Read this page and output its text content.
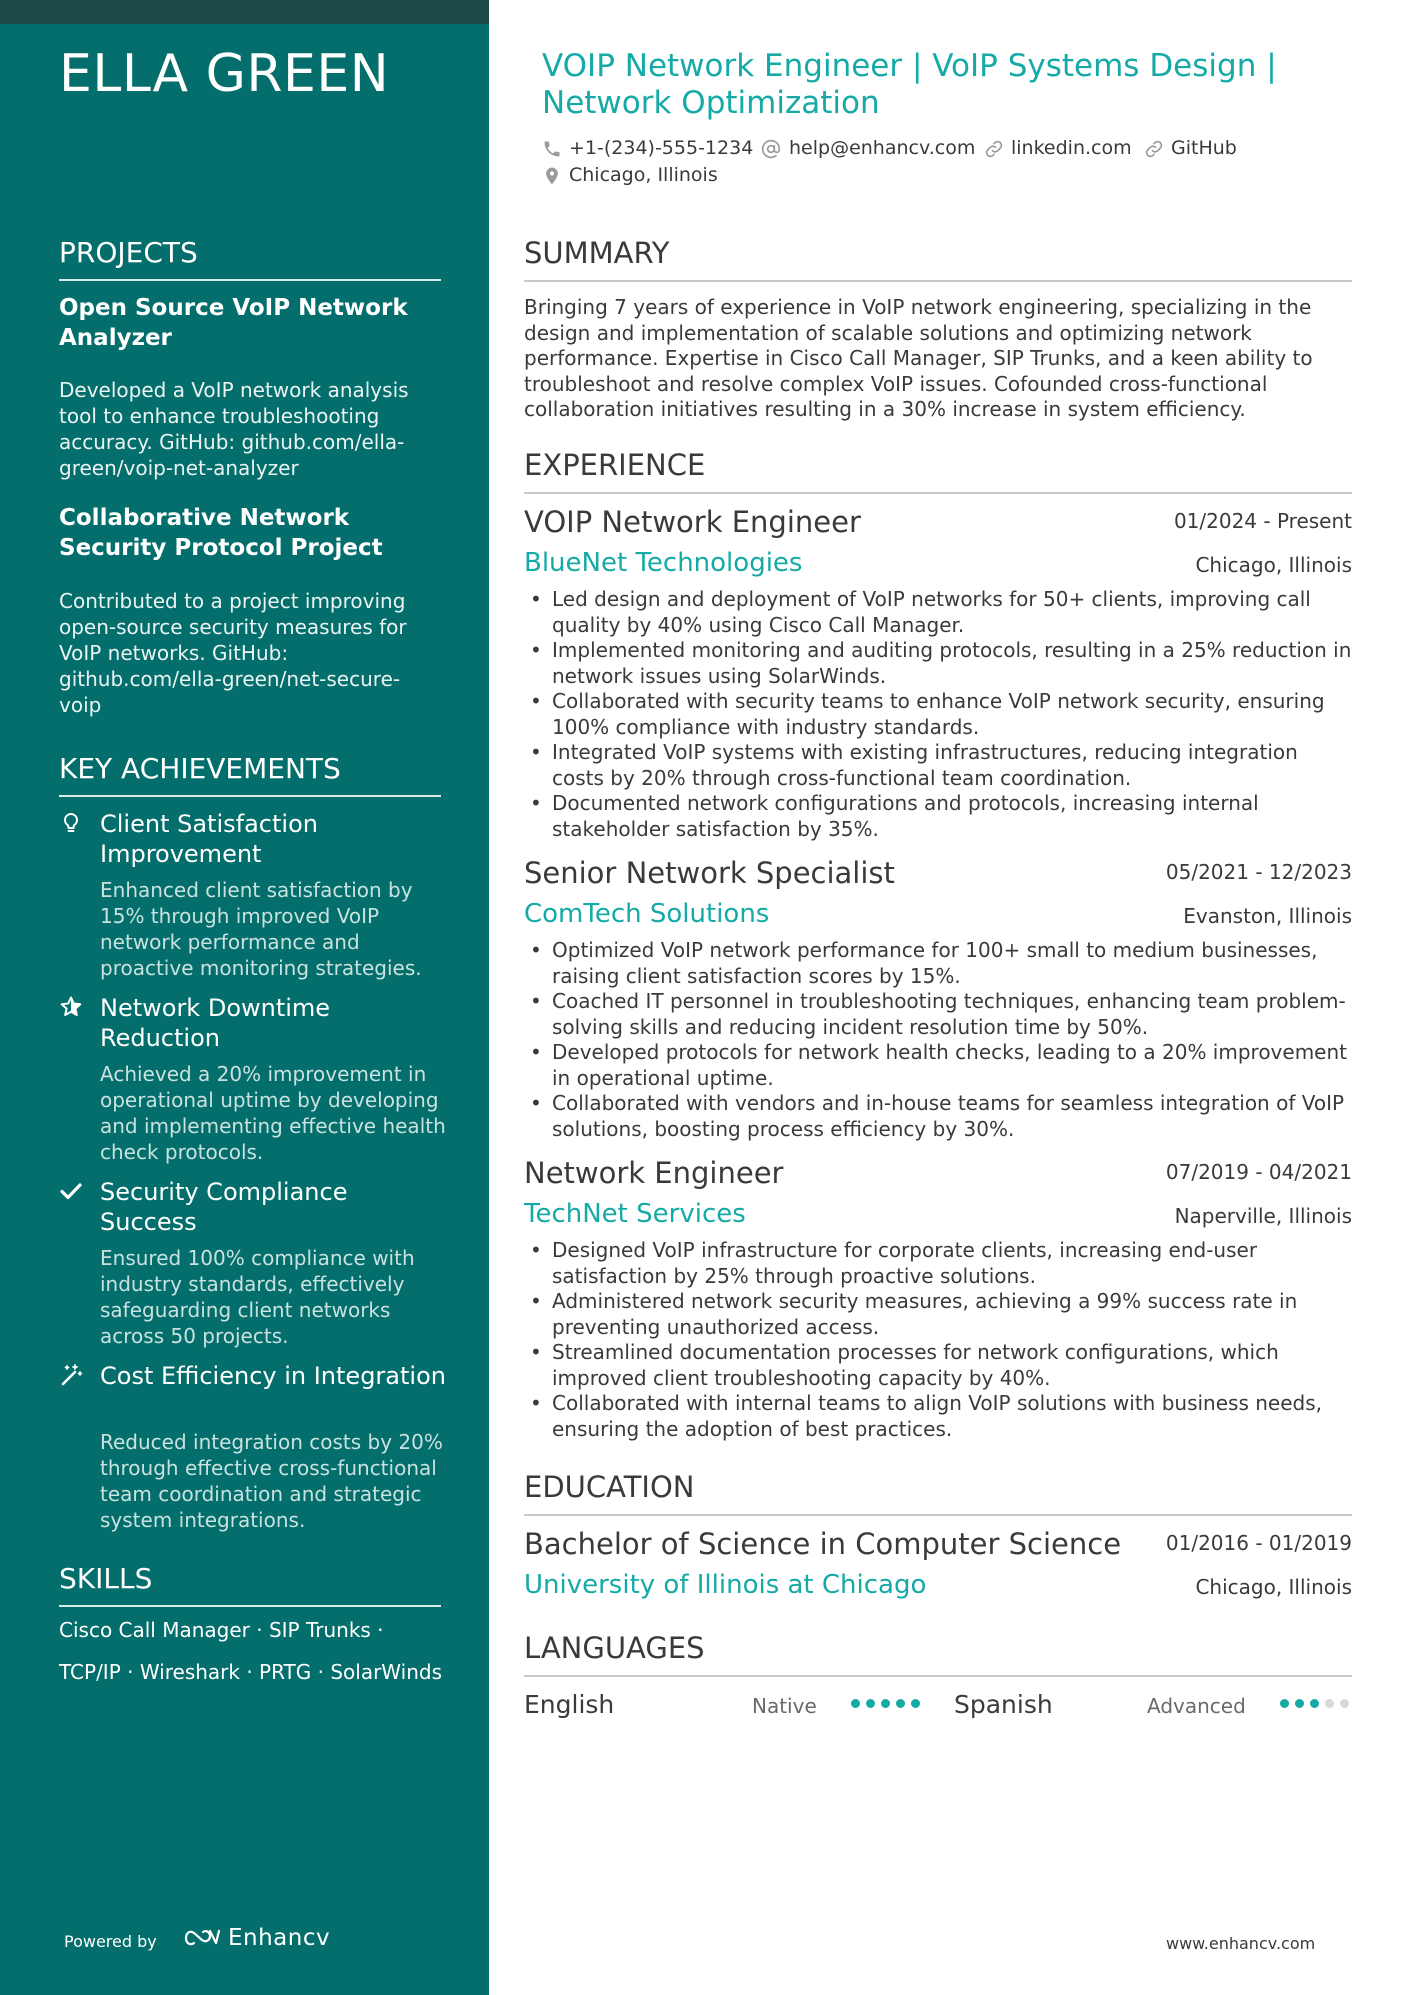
ELLA GREEN
PROJECTS
Open Source VoIP Network Analyzer
Developed a VoIP network analysis tool to enhance troubleshooting accuracy. GitHub: github.com/ella-green/voip-net-analyzer
Collaborative Network Security Protocol Project
Contributed to a project improving open-source security measures for VoIP networks. GitHub: github.com/ella-green/net-secure-voip
KEY ACHIEVEMENTS
Client Satisfaction Improvement
Enhanced client satisfaction by 15% through improved VoIP network performance and proactive monitoring strategies.
Network Downtime Reduction
Achieved a 20% improvement in operational uptime by developing and implementing effective health check protocols.
Security Compliance Success
Ensured 100% compliance with industry standards, effectively safeguarding client networks across 50 projects.
Cost Efficiency in Integration
Reduced integration costs by 20% through effective cross-functional team coordination and strategic system integrations.
SKILLS
Cisco Call Manager · SIP Trunks ·
TCP/IP · Wireshark · PRTG · SolarWinds
Powered by	Enhancv
VOIP Network Engineer | VoIP Systems Design | Network Optimization
+1-(234)-555-1234 help@enhancv.com linkedin.com GitHub
Chicago, Illinois
SUMMARY
Bringing 7 years of experience in VoIP network engineering, specializing in the design and implementation of scalable solutions and optimizing network performance. Expertise in Cisco Call Manager, SIP Trunks, and a keen ability to troubleshoot and resolve complex VoIP issues. Cofounded cross-functional collaboration initiatives resulting in a 30% increase in system efficiency.
EXPERIENCE
VOIP Network Engineer	01/2024 - Present
BlueNet Technologies	Chicago, Illinois
• Led design and deployment of VoIP networks for 50+ clients, improving call quality by 40% using Cisco Call Manager.
• Implemented monitoring and auditing protocols, resulting in a 25% reduction in network issues using SolarWinds.
• Collaborated with security teams to enhance VoIP network security, ensuring 100% compliance with industry standards.
• Integrated VoIP systems with existing infrastructures, reducing integration costs by 20% through cross-functional team coordination.
• Documented network configurations and protocols, increasing internal stakeholder satisfaction by 35%.
Senior Network Specialist	05/2021 - 12/2023
ComTech Solutions	Evanston, Illinois
• Optimized VoIP network performance for 100+ small to medium businesses, raising client satisfaction scores by 15%.
• Coached IT personnel in troubleshooting techniques, enhancing team problem-solving skills and reducing incident resolution time by 50%.
• Developed protocols for network health checks, leading to a 20% improvement in operational uptime.
• Collaborated with vendors and in-house teams for seamless integration of VoIP solutions, boosting process efficiency by 30%.
Network Engineer	07/2019 - 04/2021
TechNet Services	Naperville, Illinois
• Designed VoIP infrastructure for corporate clients, increasing end-user satisfaction by 25% through proactive solutions.
• Administered network security measures, achieving a 99% success rate in preventing unauthorized access.
• Streamlined documentation processes for network configurations, which improved client troubleshooting capacity by 40%.
• Collaborated with internal teams to align VoIP solutions with business needs, ensuring the adoption of best practices.
EDUCATION
Bachelor of Science in Computer Science 01/2016 - 01/2019
University of Illinois at Chicago	Chicago, Illinois
LANGUAGES
English	Native	Spanish	Advanced
www.enhancv.com
